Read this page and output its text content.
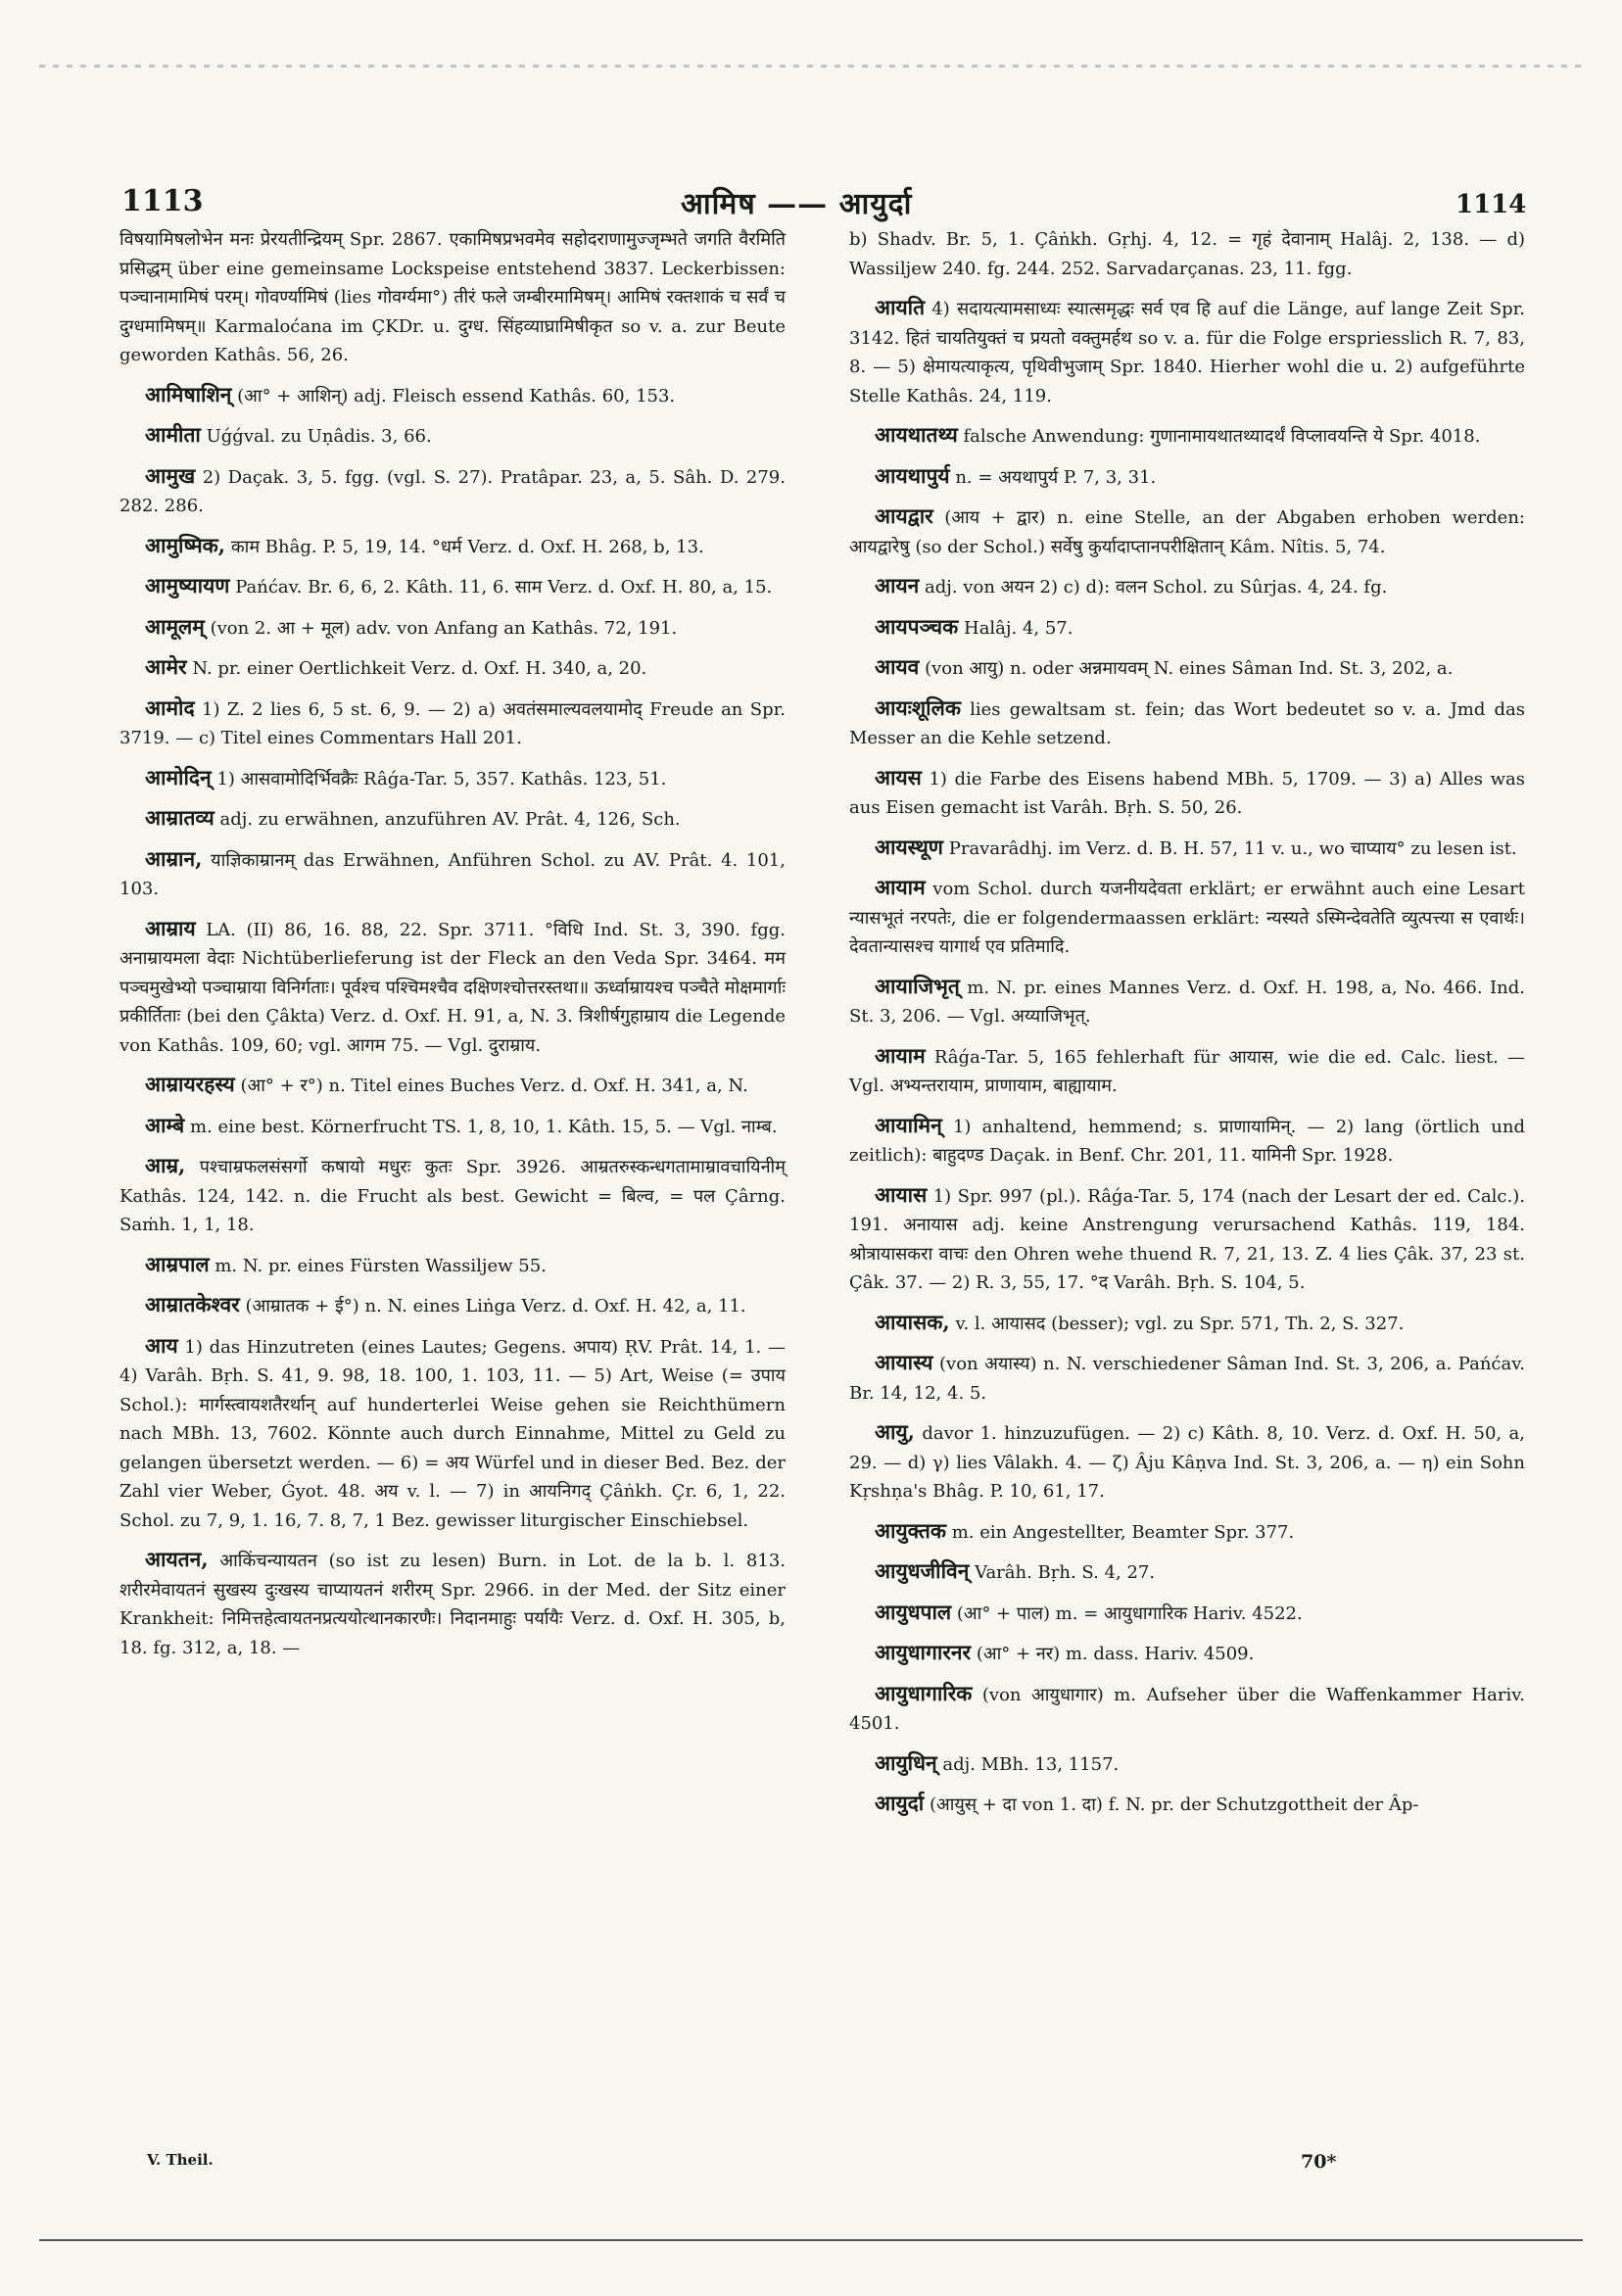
1113	आमिष —— आयुर्दा	1114

विषयामिषलोभेन मनः प्रेरयतीन्द्रियम् Spr. 2867. एकामिषप्रभवमेव सहोदराणामुज्जृम्भते जगति वैरमिति प्रसिद्धम् über eine gemeinsame Lockspeise entstehend 3837. Leckerbissen: पञ्चानामामिषं परम्। गोवर्ण्यामिषं (lies गोवर्ग्यमा°) तीरं फले जम्बीरमामिषम्। आमिषं रक्तशाकं च सर्वं च दुग्धमामिषम्॥ Karmaloćana im ÇKDr. u. दुग्ध. सिंहव्याघ्रामिषीकृत so v. a. zur Beute geworden Kathâs. 56, 26.

आमिषाशिन् (आ° + आशिन्) adj. Fleisch essend Kathâs. 60, 153.

आमीता Uǵǵval. zu Uṇâdis. 3, 66.

आमुख 2) Daçak. 3, 5. fgg. (vgl. S. 27). Pratâpar. 23, a, 5. Sâh. D. 279. 282. 286.

आमुष्मिक, काम Bhâg. P. 5, 19, 14. °धर्म Verz. d. Oxf. H. 268, b, 13.

आमुष्यायण Pańćav. Br. 6, 6, 2. Kâth. 11, 6. साम Verz. d. Oxf. H. 80, a, 15.

आमूलम् (von 2. आ + मूल) adv. von Anfang an Kathâs. 72, 191.

आमेर N. pr. einer Oertlichkeit Verz. d. Oxf. H. 340, a, 20.

आमोद 1) Z. 2 lies 6, 5 st. 6, 9. — 2) a) अवतंसमाल्यवलयामोद् Freude an Spr. 3719. — c) Titel eines Commentars Hall 201.

आमोदिन् 1) आसवामोदिर्भिवक्रैः Râǵa-Tar. 5, 357. Kathâs. 123, 51.

आम्रातव्य adj. zu erwähnen, anzuführen AV. Prât. 4, 126, Sch.

आम्रान, याज्ञिकाम्रानम् das Erwähnen, Anführen Schol. zu AV. Prât. 4. 101, 103.

आम्राय LA. (II) 86, 16. 88, 22. Spr. 3711. °विधि Ind. St. 3, 390. fgg. अनाम्रायमला वेदाः Nichtüberlieferung ist der Fleck an den Veda Spr. 3464. मम पञ्चमुखेभ्यो पञ्चाम्राया विनिर्गताः। पूर्वश्च पश्चिमश्चैव दक्षिणश्चोत्तरस्तथा॥ ऊर्ध्वाम्रायश्च पञ्चैते मोक्षमार्गाः प्रकीर्तिताः (bei den Çâkta) Verz. d. Oxf. H. 91, a, N. 3. त्रिशीर्षगुहाम्राय die Legende von Kathâs. 109, 60; vgl. आगम 75. — Vgl. दुराम्राय.

आम्रायरहस्य (आ° + र°) n. Titel eines Buches Verz. d. Oxf. H. 341, a, N.

आम्बे m. eine best. Körnerfrucht TS. 1, 8, 10, 1. Kâth. 15, 5. — Vgl. नाम्ब.

आम्र, पश्चाम्रफलसंसर्गो कषायो मधुरः कुतः Spr. 3926. आम्रतरुस्कन्धगतामाम्रावचायिनीम् Kathâs. 124, 142. n. die Frucht als best. Gewicht = बिल्व, = पल Çârng. Saṁh. 1, 1, 18.

आम्रपाल m. N. pr. eines Fürsten Wassiljew 55.

आम्रातकेश्वर (आम्रातक + ई°) n. N. eines Liṅga Verz. d. Oxf. H. 42, a, 11.

आय 1) das Hinzutreten (eines Lautes; Gegens. अपाय) ṚV. Prât. 14, 1. — 4) Varâh. Bṛh. S. 41, 9. 98, 18. 100, 1. 103, 11. — 5) Art, Weise (= उपाय Schol.): मार्गस्त्वायशतैरर्थान् auf hunderterlei Weise gehen sie Reichthümern nach MBh. 13, 7602. Könnte auch durch Einnahme, Mittel zu Geld zu gelangen übersetzt werden. — 6) = अय Würfel und in dieser Bed. Bez. der Zahl vier Weber, Ǵyot. 48. अय v. l. — 7) in आयनिगद् Çâṅkh. Çr. 6, 1, 22. Schol. zu 7, 9, 1. 16, 7. 8, 7, 1 Bez. gewisser liturgischer Einschiebsel.

आयतन, आकिंचन्यायतन (so ist zu lesen) Burn. in Lot. de la b. l. 813. शरीरमेवायतनं सुखस्य दुःखस्य चाप्यायतनं शरीरम् Spr. 2966. in der Med. der Sitz einer Krankheit: निमित्तहेत्वायतनप्रत्ययोत्थानकारणैः। निदानमाहुः पर्यायैः Verz. d. Oxf. H. 305, b, 18. fg. 312, a, 18. —

b) Shadv. Br. 5, 1. Çâṅkh. Gṛhj. 4, 12. = गृहं देवानाम् Halâj. 2, 138. — d) Wassiljew 240. fg. 244. 252. Sarvadarçanas. 23, 11. fgg.

आयति 4) सदायत्यामसाध्यः स्यात्समृद्धः सर्व एव हि auf die Länge, auf lange Zeit Spr. 3142. हितं चायतियुक्तं च प्रयतो वक्तुमर्हथ so v. a. für die Folge erspriesslich R. 7, 83, 8. — 5) क्षेमायत्याकृत्य, पृथिवीभुजाम् Spr. 1840. Hierher wohl die u. 2) aufgeführte Stelle Kathâs. 24, 119.

आयथातथ्य falsche Anwendung: गुणानामायथातथ्यादर्थं विप्लावयन्ति ये Spr. 4018.

आयथापुर्य n. = अयथापुर्य P. 7, 3, 31.

आयद्वार (आय + द्वार) n. eine Stelle, an der Abgaben erhoben werden: आयद्वारेषु (so der Schol.) सर्वेषु कुर्यादाप्तानपरीक्षितान् Kâm. Nîtis. 5, 74.

आयन adj. von अयन 2) c) d): वलन Schol. zu Sûrjas. 4, 24. fg.

आयपञ्चक Halâj. 4, 57.

आयव (von आयु) n. oder अन्नमायवम् N. eines Sâman Ind. St. 3, 202, a.

आयःशूलिक lies gewaltsam st. fein; das Wort bedeutet so v. a. Jmd das Messer an die Kehle setzend.

आयस 1) die Farbe des Eisens habend MBh. 5, 1709. — 3) a) Alles was aus Eisen gemacht ist Varâh. Bṛh. S. 50, 26.

आयस्थूण Pravarâdhj. im Verz. d. B. H. 57, 11 v. u., wo चाप्याय° zu lesen ist.

आयाम vom Schol. durch यजनीयदेवता erklärt; er erwähnt auch eine Lesart न्यासभूतं नरपतेः, die er folgendermaassen erklärt: न्यस्यते ऽस्मिन्देवतेति व्युत्पत्त्या स एवार्थः। देवतान्यासश्च यागार्थ एव प्रतिमादि.

आयाजिभृत् m. N. pr. eines Mannes Verz. d. Oxf. H. 198, a, No. 466. Ind. St. 3, 206. — Vgl. अय्याजिभृत्.

आयाम Râǵa-Tar. 5, 165 fehlerhaft für आयास, wie die ed. Calc. liest. — Vgl. अभ्यन्तरायाम, प्राणायाम, बाह्यायाम.

आयामिन् 1) anhaltend, hemmend; s. प्राणायामिन्. — 2) lang (örtlich und zeitlich): बाहुदण्ड Daçak. in Benf. Chr. 201, 11. यामिनी Spr. 1928.

आयास 1) Spr. 997 (pl.). Râǵa-Tar. 5, 174 (nach der Lesart der ed. Calc.). 191. अनायास adj. keine Anstrengung verursachend Kathâs. 119, 184. श्रोत्रायासकरा वाचः den Ohren wehe thuend R. 7, 21, 13. Z. 4 lies Çâk. 37, 23 st. Çâk. 37. — 2) R. 3, 55, 17. °द Varâh. Bṛh. S. 104, 5.

आयासक, v. l. आयासद (besser); vgl. zu Spr. 571, Th. 2, S. 327.

आयास्य (von अयास्य) n. N. verschiedener Sâman Ind. St. 3, 206, a. Pańćav. Br. 14, 12, 4. 5.

आयु, davor 1. hinzuzufügen. — 2) c) Kâth. 8, 10. Verz. d. Oxf. H. 50, a, 29. — d) γ) lies Vâlakh. 4. — ζ) Âju Kâṇva Ind. St. 3, 206, a. — η) ein Sohn Kṛshṇa's Bhâg. P. 10, 61, 17.

आयुक्तक m. ein Angestellter, Beamter Spr. 377.

आयुधजीविन् Varâh. Bṛh. S. 4, 27.

आयुधपाल (आ° + पाल) m. = आयुधागारिक Hariv. 4522.

आयुधागारनर (आ° + नर) m. dass. Hariv. 4509.

आयुधागारिक (von आयुधागार) m. Aufseher über die Waffenkammer Hariv. 4501.

आयुधिन् adj. MBh. 13, 1157.

आयुर्दा (आयुस् + दा von 1. दा) f. N. pr. der Schutzgottheit der Âp-

V. Theil.	70*
